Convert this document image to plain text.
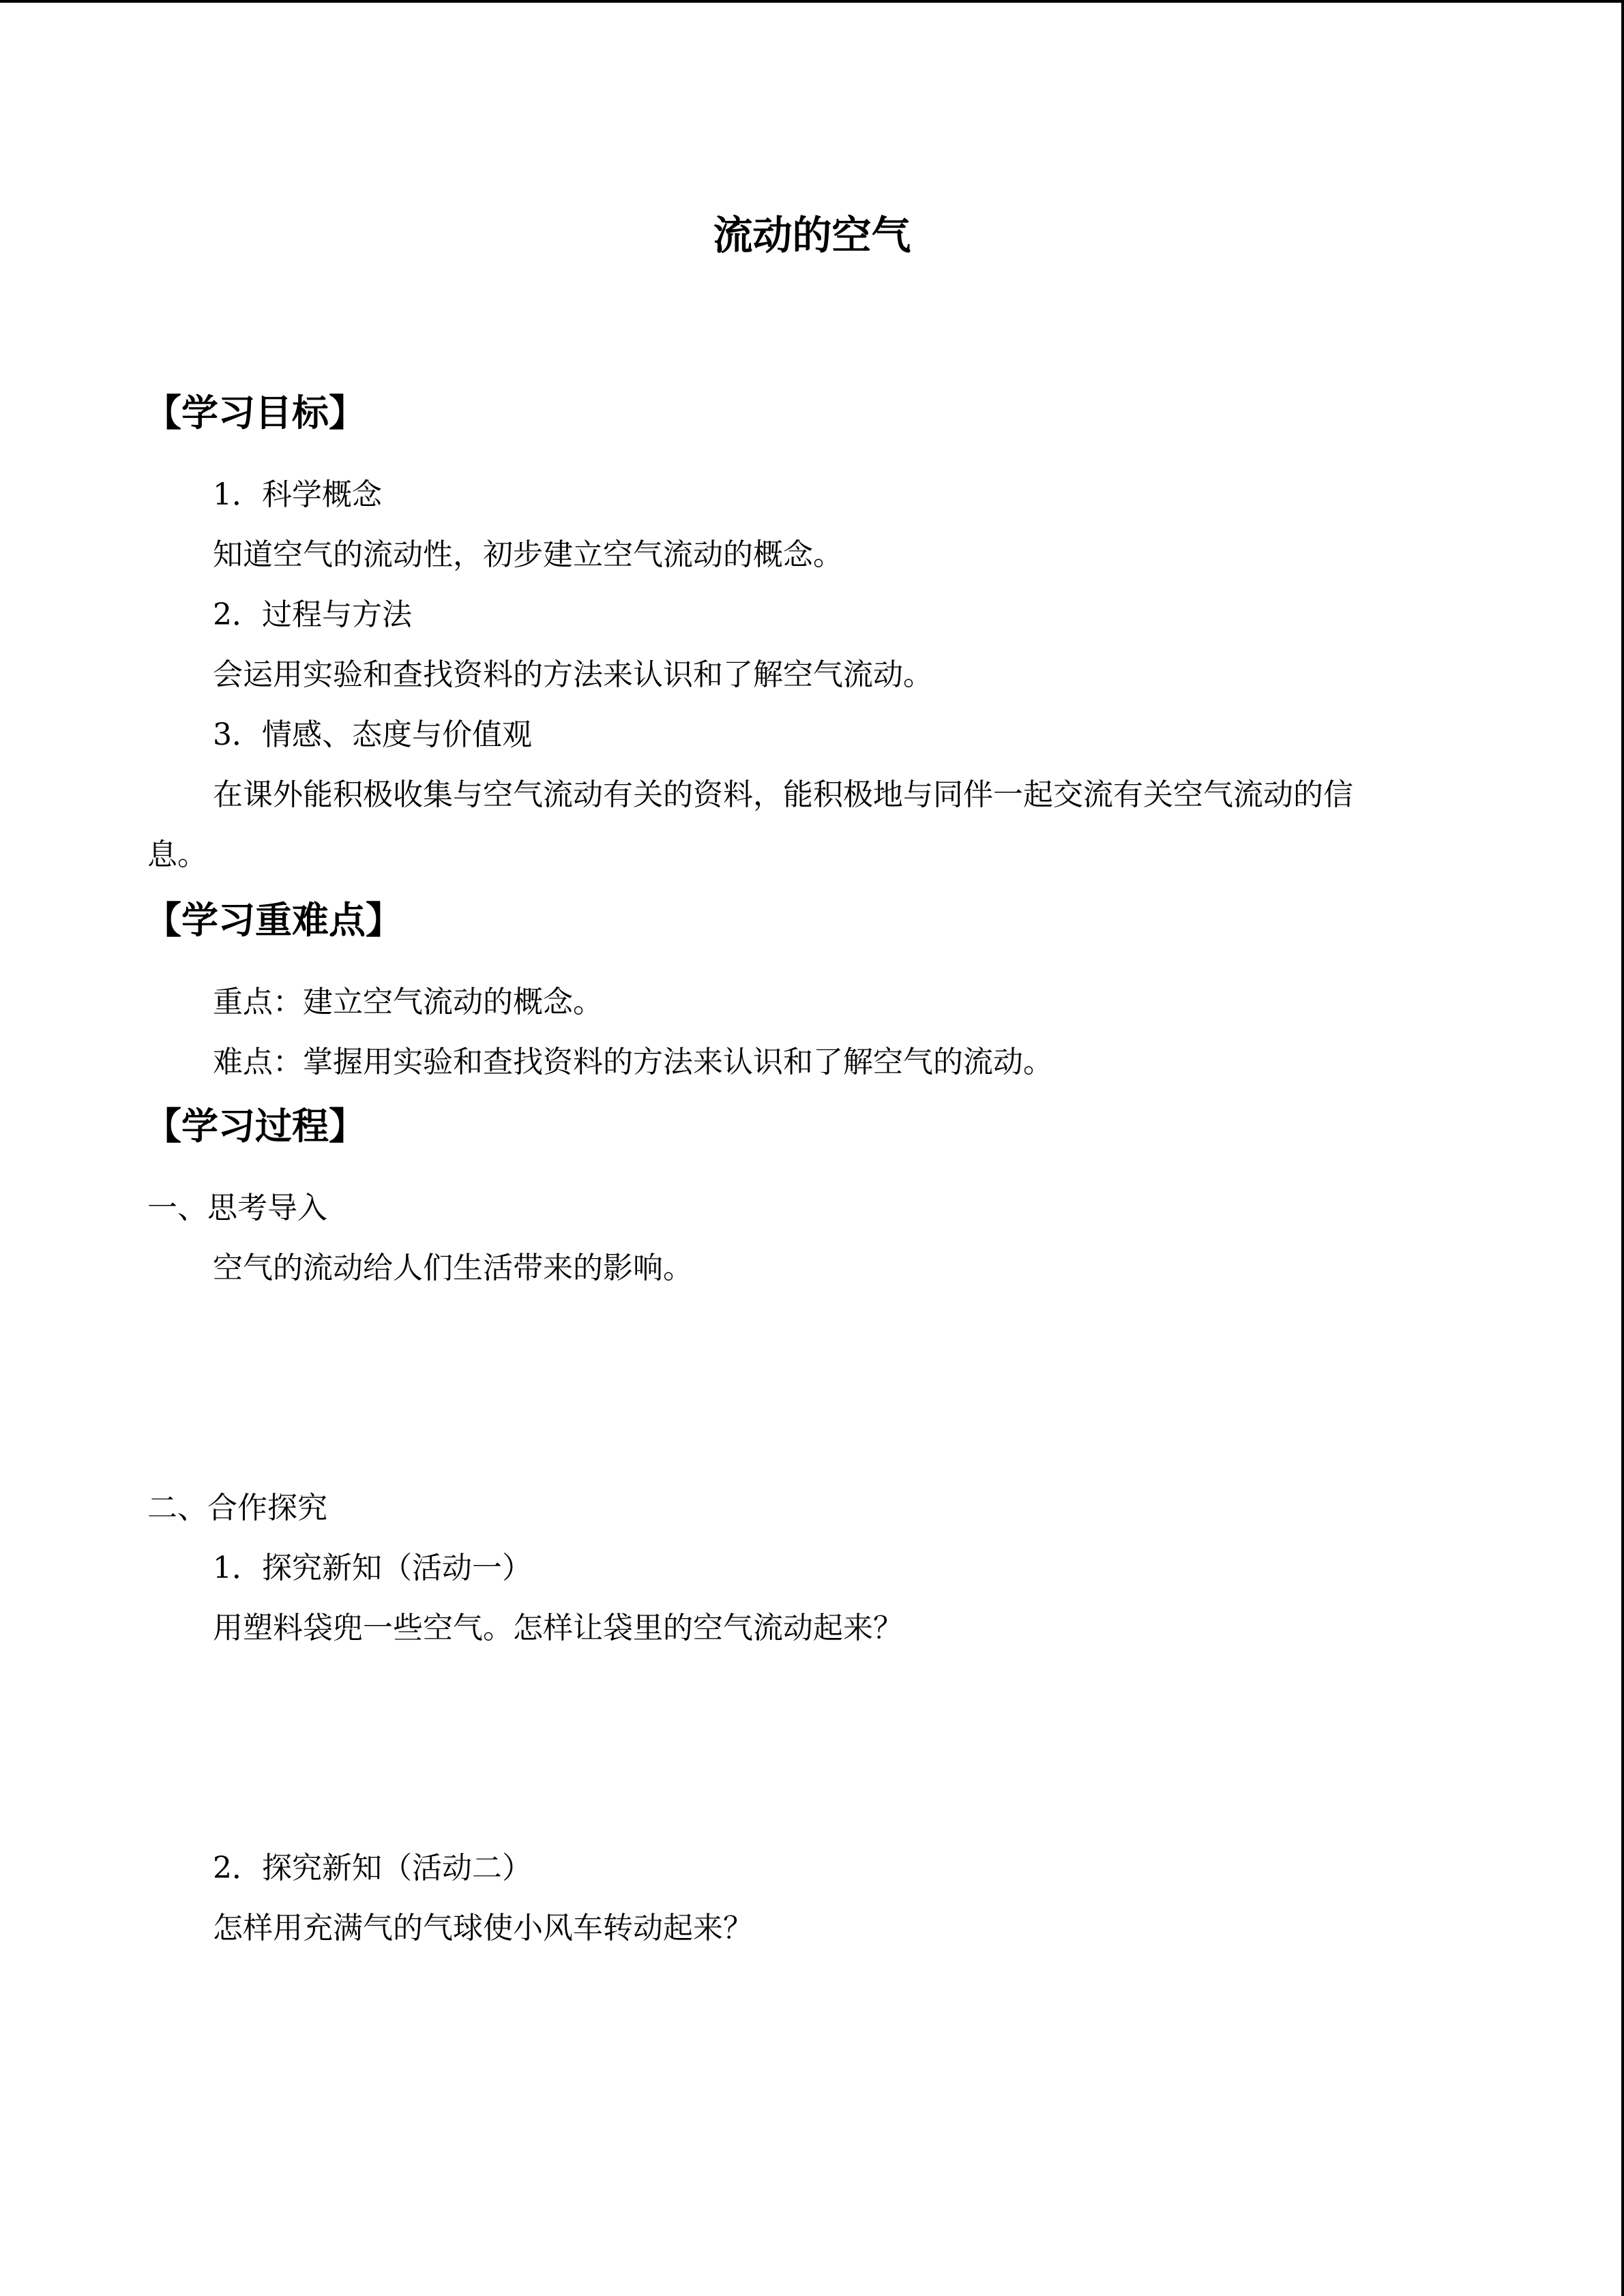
流动的空气
【学习目标】
1．科学概念
知道空气的流动性，初步建立空气流动的概念。
2．过程与方法
会运用实验和查找资料的方法来认识和了解空气流动。
3．情感、态度与价值观
在课外能积极收集与空气流动有关的资料，能积极地与同伴一起交流有关空气流动的信
息。
【学习重难点】
重点：建立空气流动的概念。
难点：掌握用实验和查找资料的方法来认识和了解空气的流动。
【学习过程】
一、思考导入
空气的流动给人们生活带来的影响。
二、合作探究
1．探究新知（活动一）
用塑料袋兜一些空气。怎样让袋里的空气流动起来？
2．探究新知（活动二）
怎样用充满气的气球使小风车转动起来？
